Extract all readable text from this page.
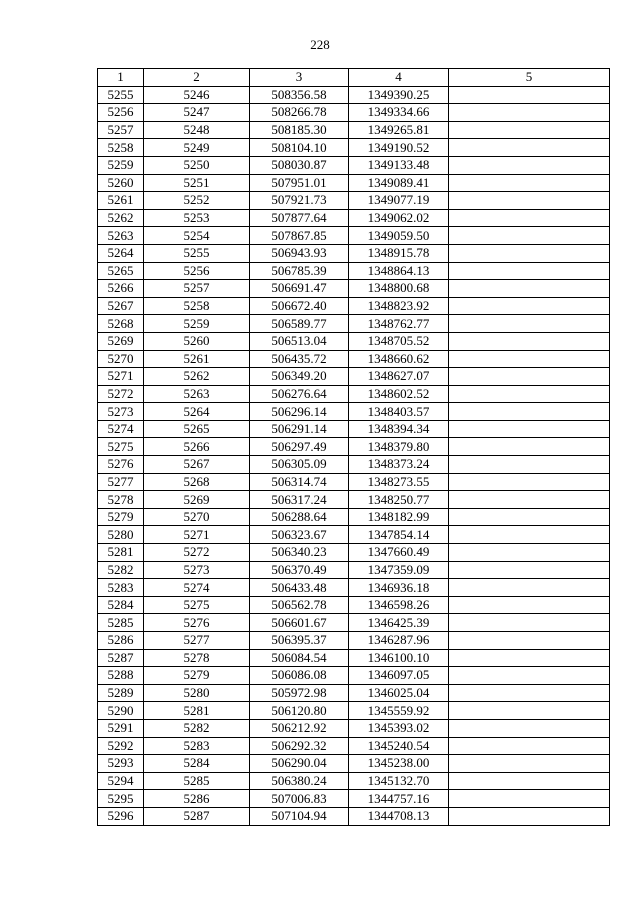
228
1	2	3	4	5
5255	5246	508356.58	1349390.25	
5256	5247	508266.78	1349334.66	
5257	5248	508185.30	1349265.81	
5258	5249	508104.10	1349190.52	
5259	5250	508030.87	1349133.48	
5260	5251	507951.01	1349089.41	
5261	5252	507921.73	1349077.19	
5262	5253	507877.64	1349062.02	
5263	5254	507867.85	1349059.50	
5264	5255	506943.93	1348915.78	
5265	5256	506785.39	1348864.13	
5266	5257	506691.47	1348800.68	
5267	5258	506672.40	1348823.92	
5268	5259	506589.77	1348762.77	
5269	5260	506513.04	1348705.52	
5270	5261	506435.72	1348660.62	
5271	5262	506349.20	1348627.07	
5272	5263	506276.64	1348602.52	
5273	5264	506296.14	1348403.57	
5274	5265	506291.14	1348394.34	
5275	5266	506297.49	1348379.80	
5276	5267	506305.09	1348373.24	
5277	5268	506314.74	1348273.55	
5278	5269	506317.24	1348250.77	
5279	5270	506288.64	1348182.99	
5280	5271	506323.67	1347854.14	
5281	5272	506340.23	1347660.49	
5282	5273	506370.49	1347359.09	
5283	5274	506433.48	1346936.18	
5284	5275	506562.78	1346598.26	
5285	5276	506601.67	1346425.39	
5286	5277	506395.37	1346287.96	
5287	5278	506084.54	1346100.10	
5288	5279	506086.08	1346097.05	
5289	5280	505972.98	1346025.04	
5290	5281	506120.80	1345559.92	
5291	5282	506212.92	1345393.02	
5292	5283	506292.32	1345240.54	
5293	5284	506290.04	1345238.00	
5294	5285	506380.24	1345132.70	
5295	5286	507006.83	1344757.16	
5296	5287	507104.94	1344708.13	
